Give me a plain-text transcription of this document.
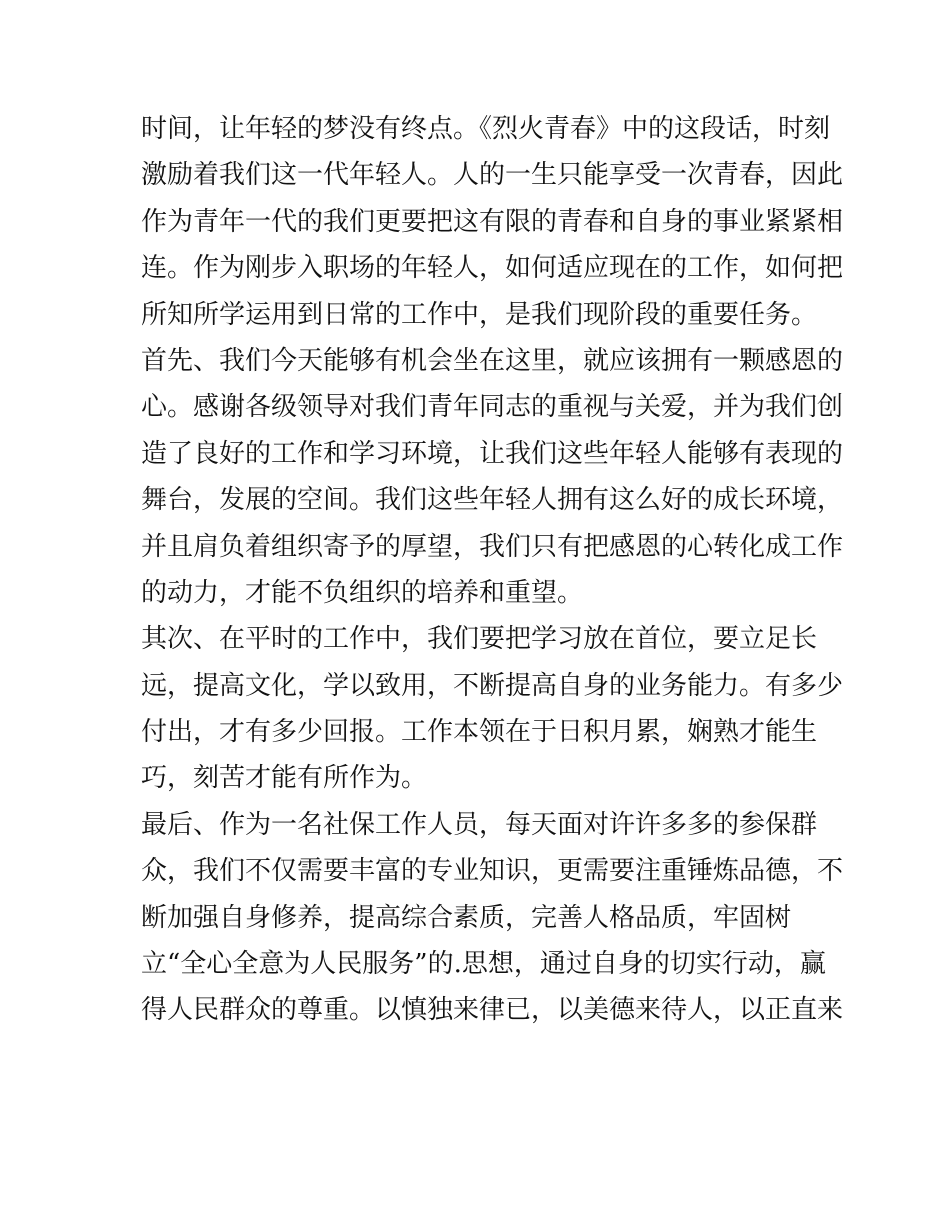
时间，让年轻的梦没有终点。《烈火青春》中的这段话，时刻
激励着我们这一代年轻人。人的一生只能享受一次青春，因此
作为青年一代的我们更要把这有限的青春和自身的事业紧紧相
连。作为刚步入职场的年轻人，如何适应现在的工作，如何把
所知所学运用到日常的工作中，是我们现阶段的重要任务。
首先、我们今天能够有机会坐在这里，就应该拥有一颗感恩的
心。感谢各级领导对我们青年同志的重视与关爱，并为我们创
造了良好的工作和学习环境，让我们这些年轻人能够有表现的
舞台，发展的空间。我们这些年轻人拥有这么好的成长环境，
并且肩负着组织寄予的厚望，我们只有把感恩的心转化成工作
的动力，才能不负组织的培养和重望。
其次、在平时的工作中，我们要把学习放在首位，要立足长
远，提高文化，学以致用，不断提高自身的业务能力。有多少
付出，才有多少回报。工作本领在于日积月累，娴熟才能生
巧，刻苦才能有所作为。
最后、作为一名社保工作人员，每天面对许许多多的参保群
众，我们不仅需要丰富的专业知识，更需要注重锤炼品德，不
断加强自身修养，提高综合素质，完善人格品质，牢固树
立“全心全意为人民服务”的.思想，通过自身的切实行动，赢
得人民群众的尊重。以慎独来律已，以美德来待人，以正直来
